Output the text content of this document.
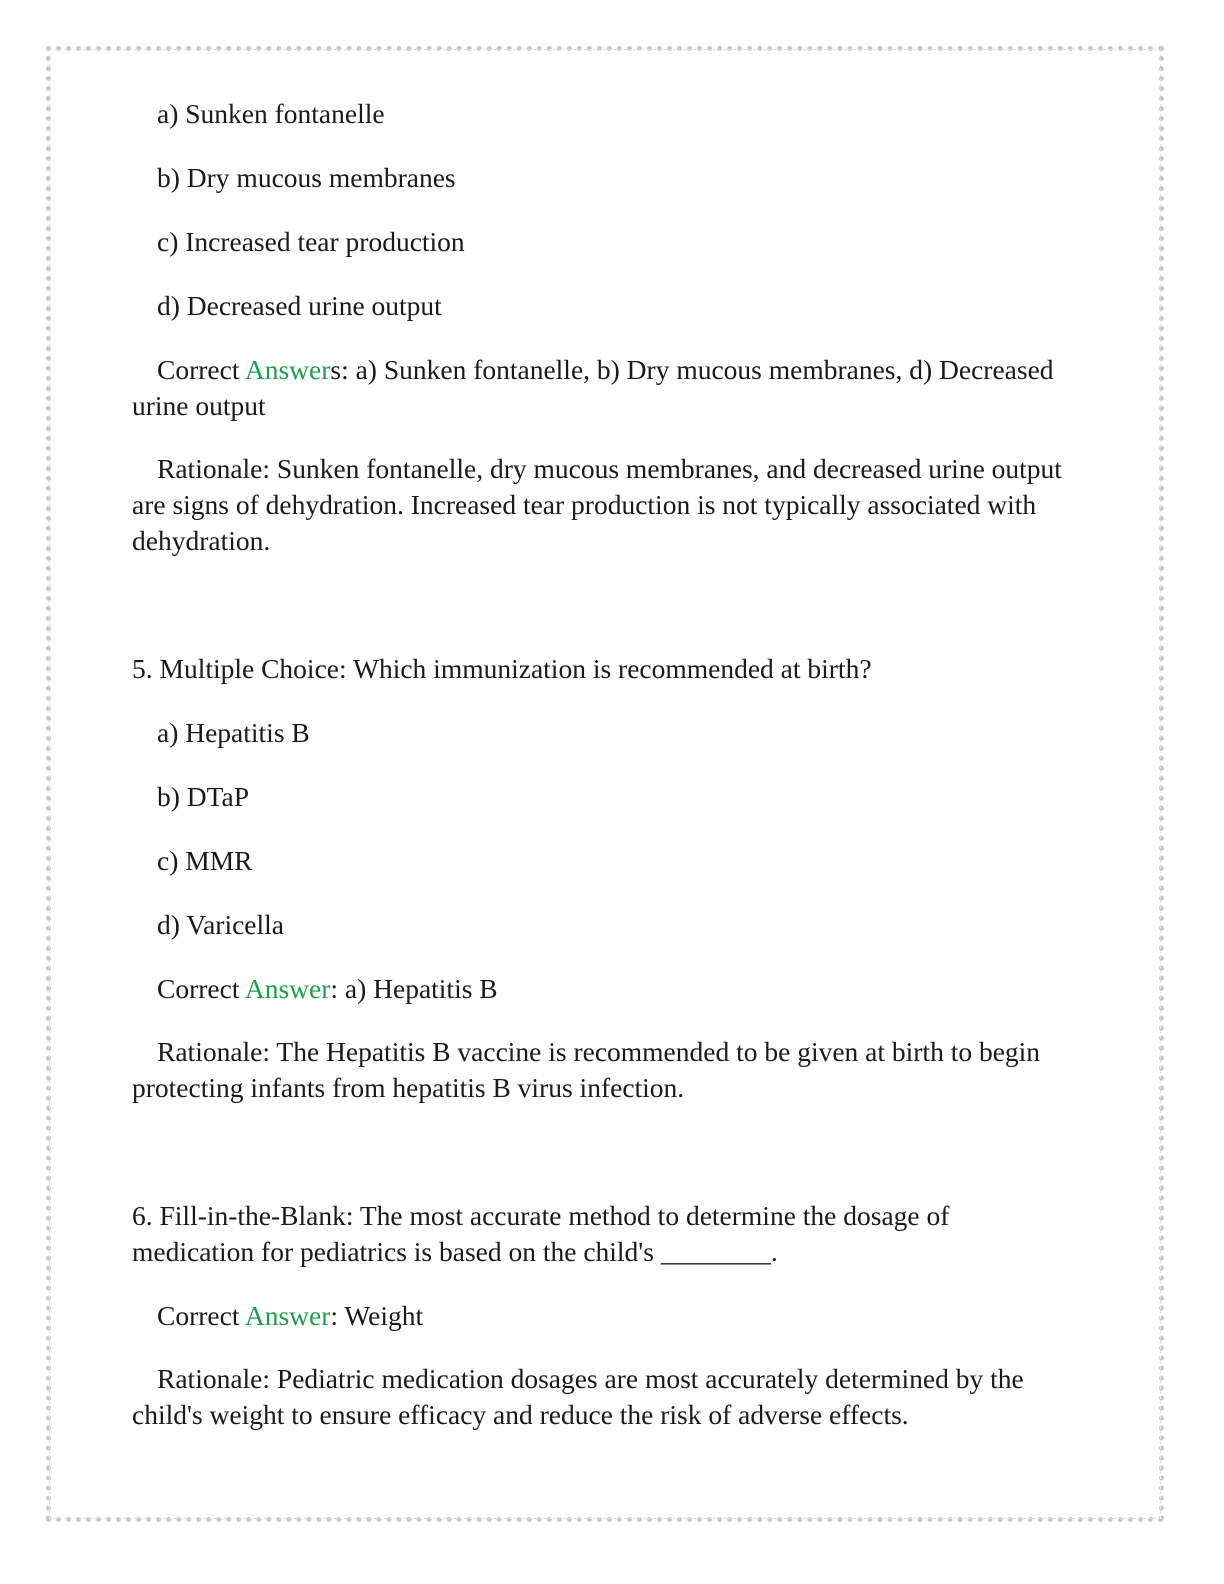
a) Sunken fontanelle

b) Dry mucous membranes

c) Increased tear production

d) Decreased urine output

Correct Answers: a) Sunken fontanelle, b) Dry mucous membranes, d) Decreased urine output

Rationale: Sunken fontanelle, dry mucous membranes, and decreased urine output are signs of dehydration. Increased tear production is not typically associated with dehydration.

5. Multiple Choice: Which immunization is recommended at birth?

a) Hepatitis B

b) DTaP

c) MMR

d) Varicella

Correct Answer: a) Hepatitis B

Rationale: The Hepatitis B vaccine is recommended to be given at birth to begin protecting infants from hepatitis B virus infection.

6. Fill-in-the-Blank: The most accurate method to determine the dosage of medication for pediatrics is based on the child's ________.

Correct Answer: Weight

Rationale: Pediatric medication dosages are most accurately determined by the child's weight to ensure efficacy and reduce the risk of adverse effects.
